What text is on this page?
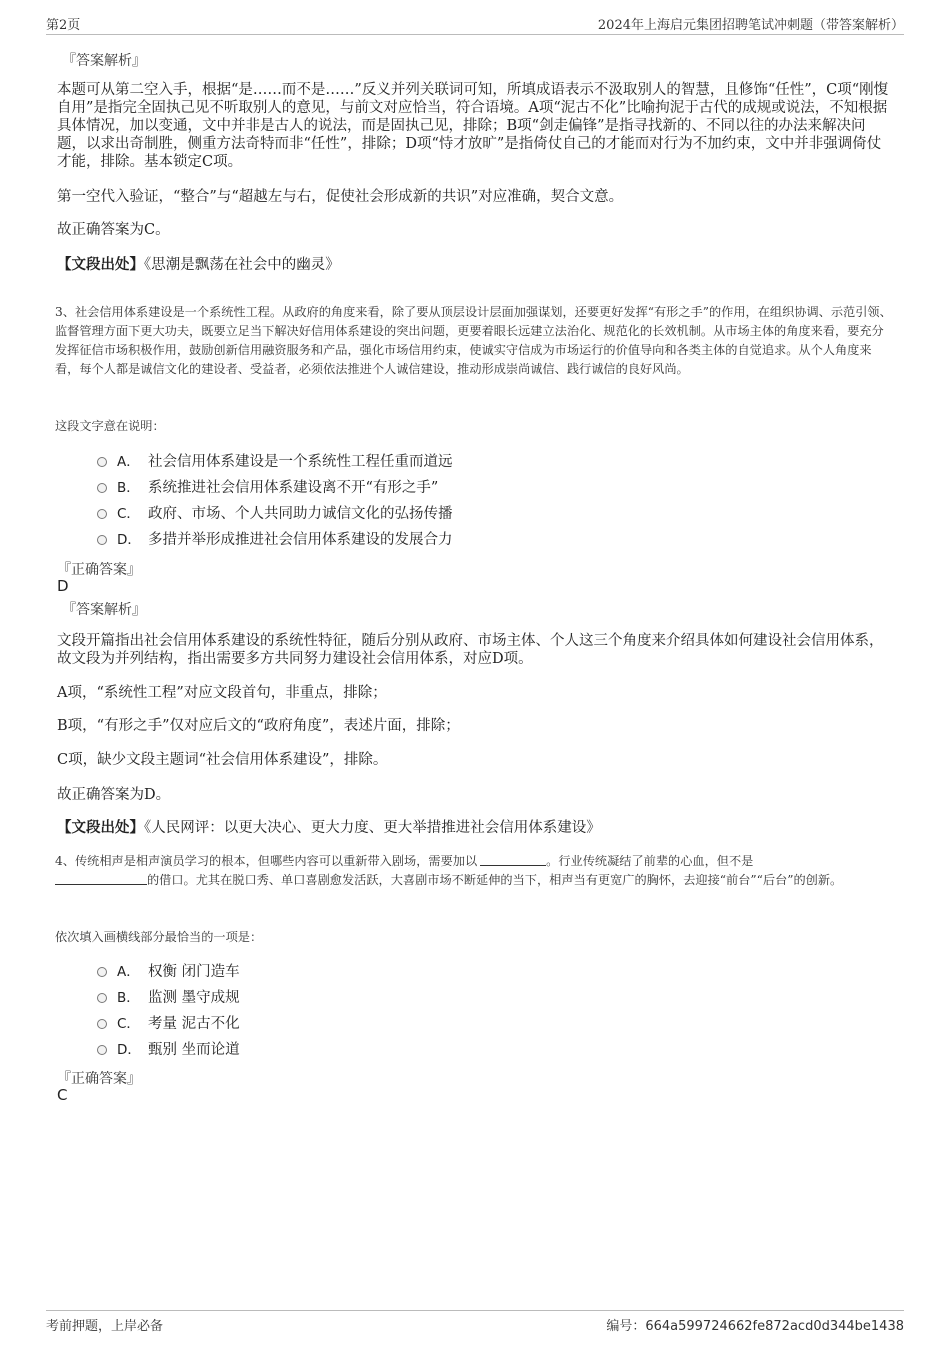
第2页	2024年上海启元集团招聘笔试冲刺题（带答案解析）
『答案解析』

本题可从第二空入手，根据“是……而不是……”反义并列关联词可知，所填成语表示不汲取别人的智慧，且修饰“任性”，C项“刚愎自用”是指完全固执己见不听取别人的意见，与前文对应恰当，符合语境。A项“泥古不化”比喻拘泥于古代的成规或说法，不知根据具体情况，加以变通，文中并非是古人的说法，而是固执己见，排除；B项“剑走偏锋”是指寻找新的、不同以往的办法来解决问题，以求出奇制胜，侧重方法奇特而非“任性”，排除；D项“恃才放旷”是指倚仗自己的才能而对行为不加约束，文中并非强调倚仗才能，排除。基本锁定C项。

第一空代入验证，“整合”与“超越左与右，促使社会形成新的共识”对应准确，契合文意。

故正确答案为C。

【文段出处】《思潮是飘荡在社会中的幽灵》

3、社会信用体系建设是一个系统性工程。从政府的角度来看，除了要从顶层设计层面加强谋划，还要更好发挥“有形之手”的作用，在组织协调、示范引领、监督管理方面下更大功夫，既要立足当下解决好信用体系建设的突出问题，更要着眼长远建立法治化、规范化的长效机制。从市场主体的角度来看，要充分发挥征信市场积极作用，鼓励创新信用融资服务和产品，强化市场信用约束，使诚实守信成为市场运行的价值导向和各类主体的自觉追求。从个人角度来看，每个人都是诚信文化的建设者、受益者，必须依法推进个人诚信建设，推动形成崇尚诚信、践行诚信的良好风尚。

这段文字意在说明：

A． 社会信用体系建设是一个系统性工程任重而道远
B． 系统推进社会信用体系建设离不开“有形之手”
C． 政府、市场、个人共同助力诚信文化的弘扬传播
D． 多措并举形成推进社会信用体系建设的发展合力
『正确答案』
D
『答案解析』

文段开篇指出社会信用体系建设的系统性特征，随后分别从政府、市场主体、个人这三个角度来介绍具体如何建设社会信用体系，故文段为并列结构，指出需要多方共同努力建设社会信用体系，对应D项。

A项，“系统性工程”对应文段首句，非重点，排除；

B项，“有形之手”仅对应后文的“政府角度”，表述片面，排除；

C项，缺少文段主题词“社会信用体系建设”，排除。

故正确答案为D。

【文段出处】《人民网评：以更大决心、更大力度、更大举措推进社会信用体系建设》

4、传统相声是相声演员学习的根本，但哪些内容可以重新带入剧场，需要加以	。行业传统凝结了前辈的心血，但不是
的借口。尤其在脱口秀、单口喜剧愈发活跃，大喜剧市场不断延伸的当下，相声当有更宽广的胸怀，去迎接“前台”“后台”的创新。

依次填入画横线部分最恰当的一项是：

A． 权衡 闭门造车
B． 监测 墨守成规
C． 考量 泥古不化
D． 甄别 坐而论道
『正确答案』
C
考前押题，上岸必备	编号：664a599724662fe872acd0d344be1438
